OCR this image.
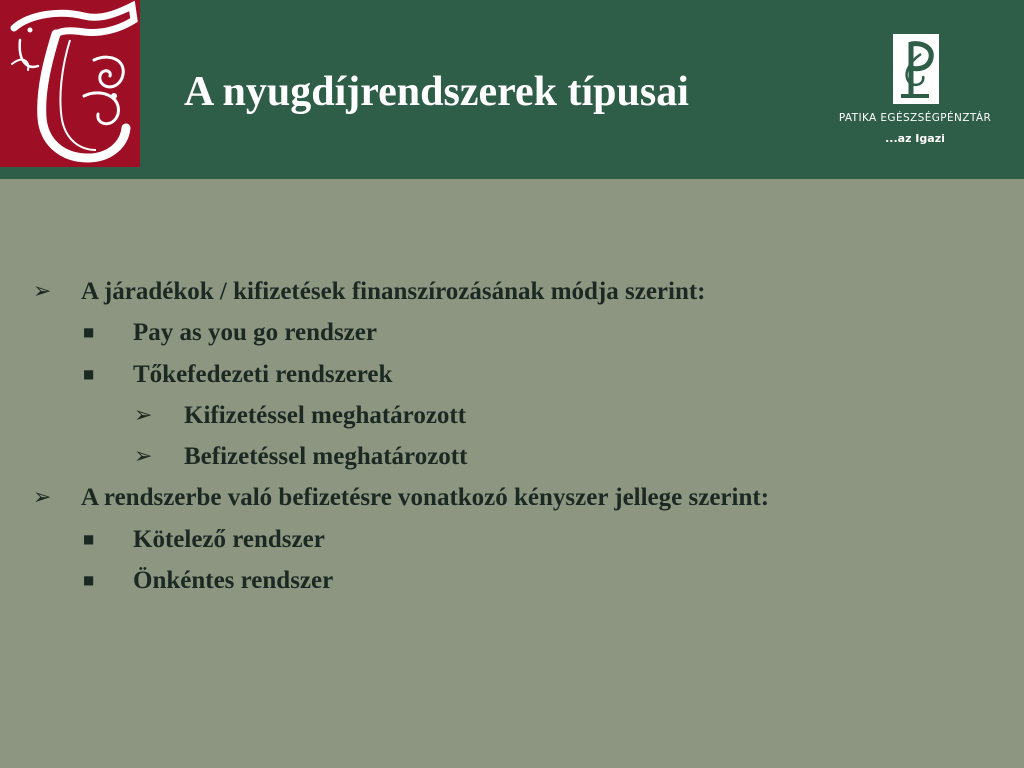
A nyugdíjrendszerek típusai
PATIKA EGÉSZSÉGPÉNZTÁR
...az Igazi
➢ A járadékok / kifizetések finanszírozásának módja szerint:
■ Pay as you go rendszer
■ Tőkefedezeti rendszerek
➢ Kifizetéssel meghatározott
➢ Befizetéssel meghatározott
➢ A rendszerbe való befizetésre vonatkozó kényszer jellege szerint:
■ Kötelező rendszer
■ Önkéntes rendszer
